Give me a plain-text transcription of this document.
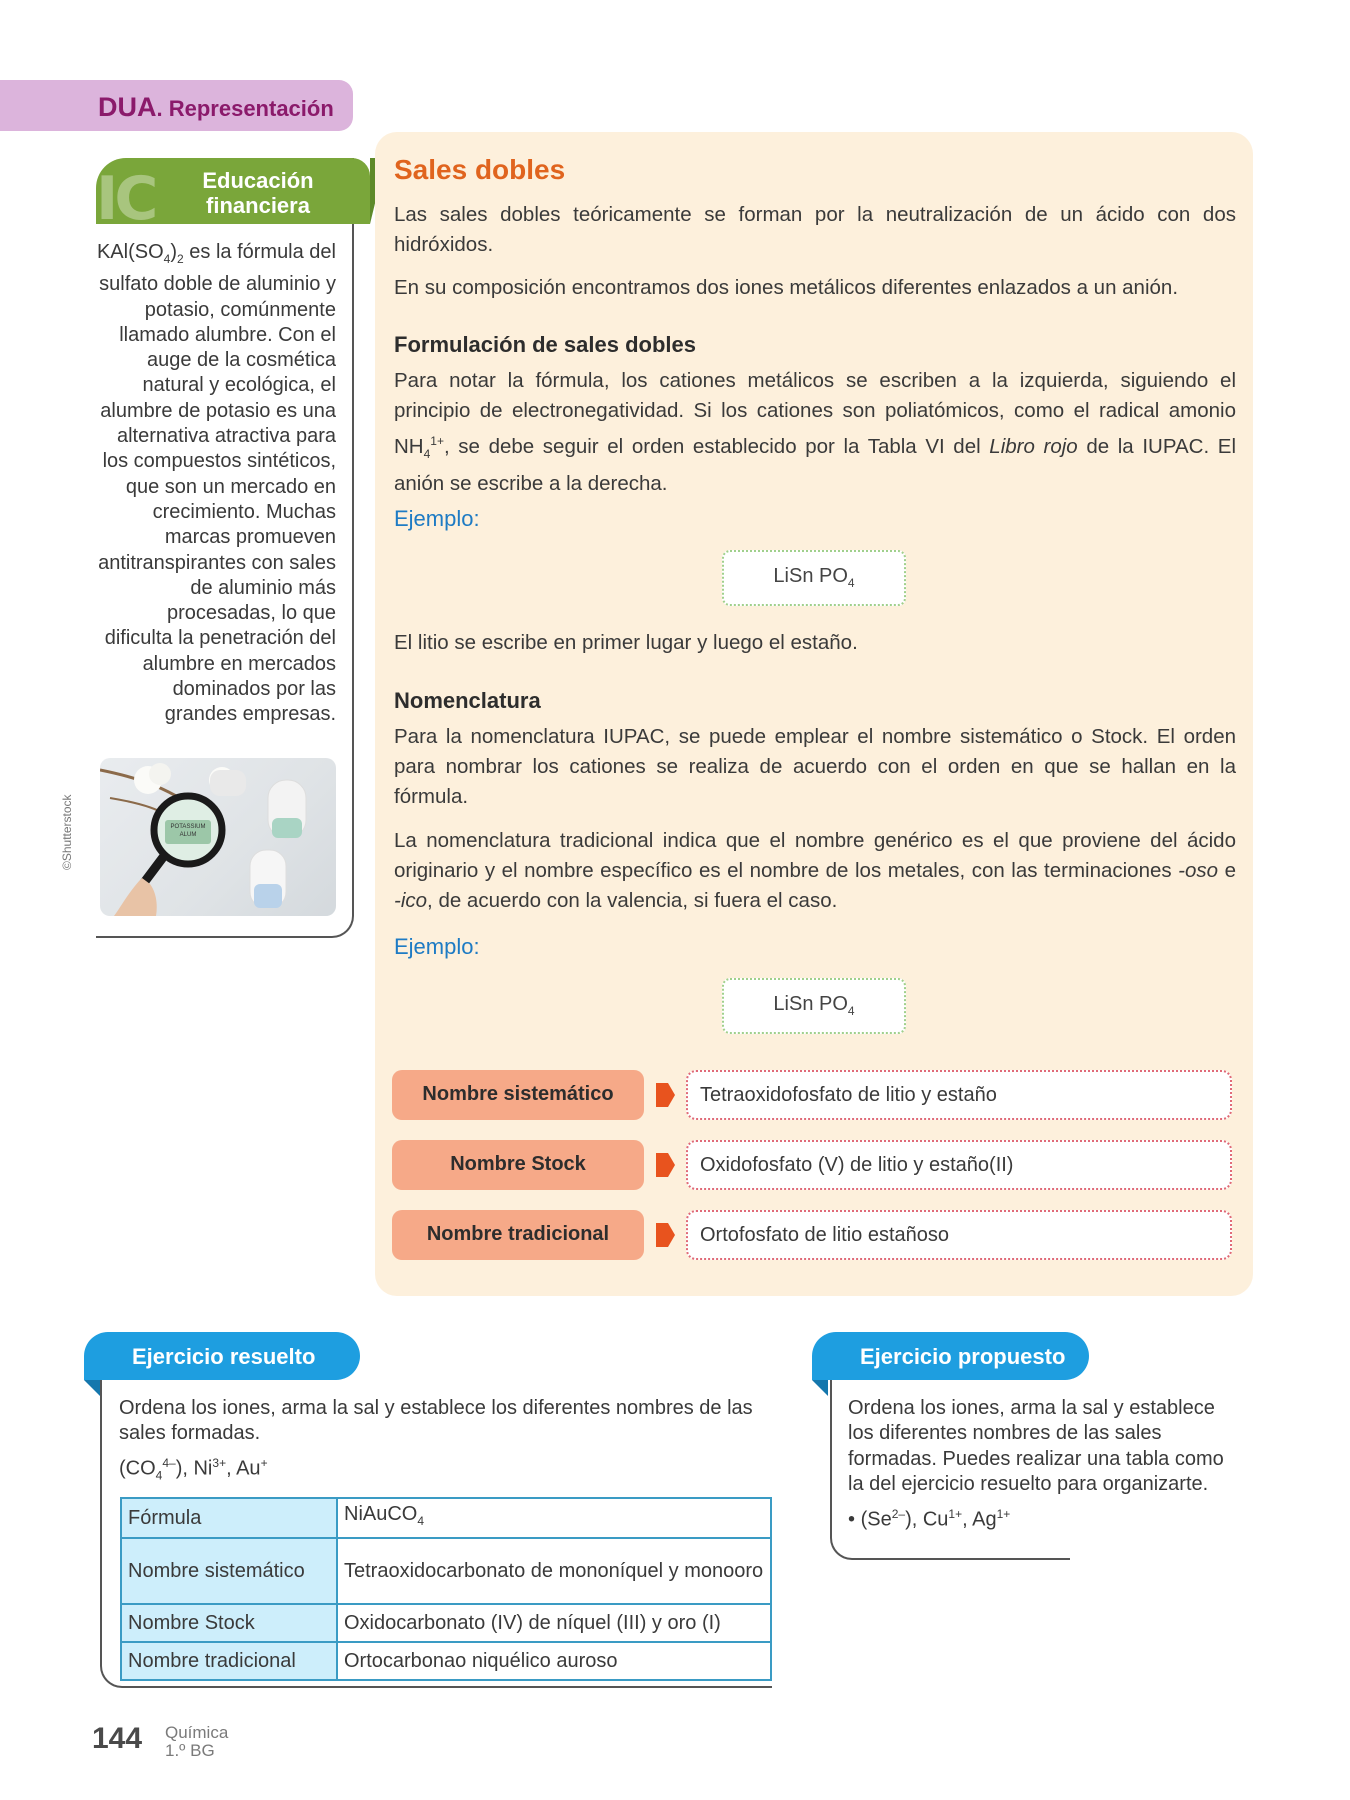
DUA. Representación
IC	Educación
financiera
$KAl(SO_4)_2$ es la fórmula del sulfato doble de aluminio y potasio, comúnmente llamado alumbre. Con el auge de la cosmética natural y ecológica, el alumbre de potasio es una alternativa atractiva para los compuestos sintéticos, que son un mercado en crecimiento. Muchas marcas promueven antitranspirantes con sales de aluminio más procesadas, lo que dificulta la penetración del alumbre en mercados dominados por las grandes empresas.
POTASSIUM
ALUM
©Shutterstock
Sales dobles
Las sales dobles teóricamente se forman por la neutralización de un ácido con dos hidróxidos.
En su composición encontramos dos iones metálicos diferentes enlazados a un anión.
Formulación de sales dobles
Para notar la fórmula, los cationes metálicos se escriben a la izquierda, siguiendo el principio de electronegatividad. Si los cationes son poliatómicos, como el radical amonio $NH_4^{1+}$, se debe seguir el orden establecido por la Tabla VI del Libro rojo de la IUPAC. El anión se escribe a la derecha.
Ejemplo:
LiSn $PO_4$
El litio se escribe en primer lugar y luego el estaño.
Nomenclatura
Para la nomenclatura IUPAC, se puede emplear el nombre sistemático o Stock. El orden para nombrar los cationes se realiza de acuerdo con el orden en que se hallan en la fórmula.
La nomenclatura tradicional indica que el nombre genérico es el que proviene del ácido originario y el nombre específico es el nombre de los metales, con las terminaciones -oso e -ico, de acuerdo con la valencia, si fuera el caso.
Ejemplo:
LiSn $PO_4$
Nombre sistemático	Tetraoxidofosfato de litio y estaño
Nombre Stock	Oxidofosfato (V) de litio y estaño(II)
Nombre tradicional	Ortofosfato de litio estañoso
Ejercicio resuelto
Ordena los iones, arma la sal y establece los diferentes nombres de las sales formadas.
$(CO_4^{4-})$, $Ni^{3+}$, Au+
Fórmula	NiAuCO$_4$
Nombre sistemático	Tetraoxidocarbonato de mononíquel y monooro
Nombre Stock	Oxidocarbonato (IV) de níquel (III) y oro (I)
Nombre tradicional	Ortocarbonao niquélico auroso
Ejercicio propuesto
Ordena los iones, arma la sal y establece los diferentes nombres de las sales formadas. Puedes realizar una tabla como la del ejercicio resuelto para organizarte.
• $(Se^{2-})$, $Cu^{1+}$, $Ag^{1+}$
144 Química
1.º BG
